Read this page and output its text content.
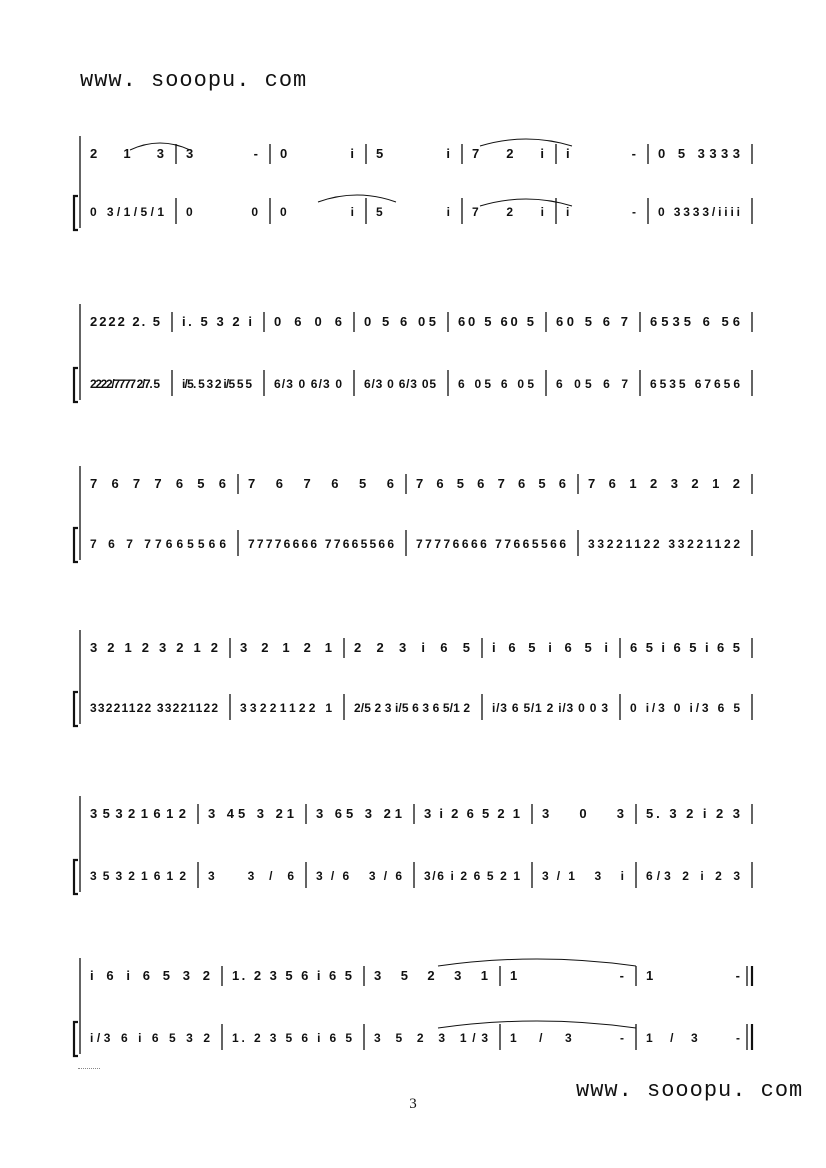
www. sooopu. com
2 1 3 3 - 0 i 5 i 7 2 i i - 0 5 3333
0 3/1/5/1 0 0 0 i 5 i 7 2 i i - 0 3333/iiii
2222 2. 5 i. 5 3 2 i 0 6 0 6 0 5 6 05 60 5 60 5 60 5 6 7 6535 6 56
2222/7777 2/7. 5 i/5. 5 3 2 i/5 5 5 6/3 0 6/3 0 6/3 0 6/3 05 6 05 6 05 6 05 6 7 6535 67656
7 6 7 7 6 5 6 7 6 7 6 5 6 7 6 5 6 7 6 5 6 7 6 1 2 3 2 1 2
7 6 7 77665566 77776666 77665566 77776666 77665566 33221122 33221122
3 2 1 2 3 2 1 2 3 2 1 2 1 2 2 3 i 6 5 i 6 5 i 6 5 i 6 5 i 6 5 i 6 5
33221122 33221122 33221122 1 2/5 2 3 i/5 6 3 6 5/1 2 i/3 6 5/1 2 i/3 0 0 3 0 i/3 0 i/3 6 5
3 5 3 2 1 6 1 2 3 45 3 21 3 65 3 21 3 i 2 6 5 2 1 3 0 3 5. 3 2 i 2 3
3 5 3 2 1 6 1 2 3 3/6 3/6 3/6 3/6 i 2 6 5 2 1 3/1 3 i 6/3 2 i 2 3
i 6 i 6 5 3 2 1. 2 3 5 6 i 6 5 3 5 2 3 1 1 - 1 -
i/3 6 i 6 5 3 2 1. 2 3 5 6 i 6 5 3 5 2 3 1/3 1/3 - 1/3 -
www. sooopu. com
3
